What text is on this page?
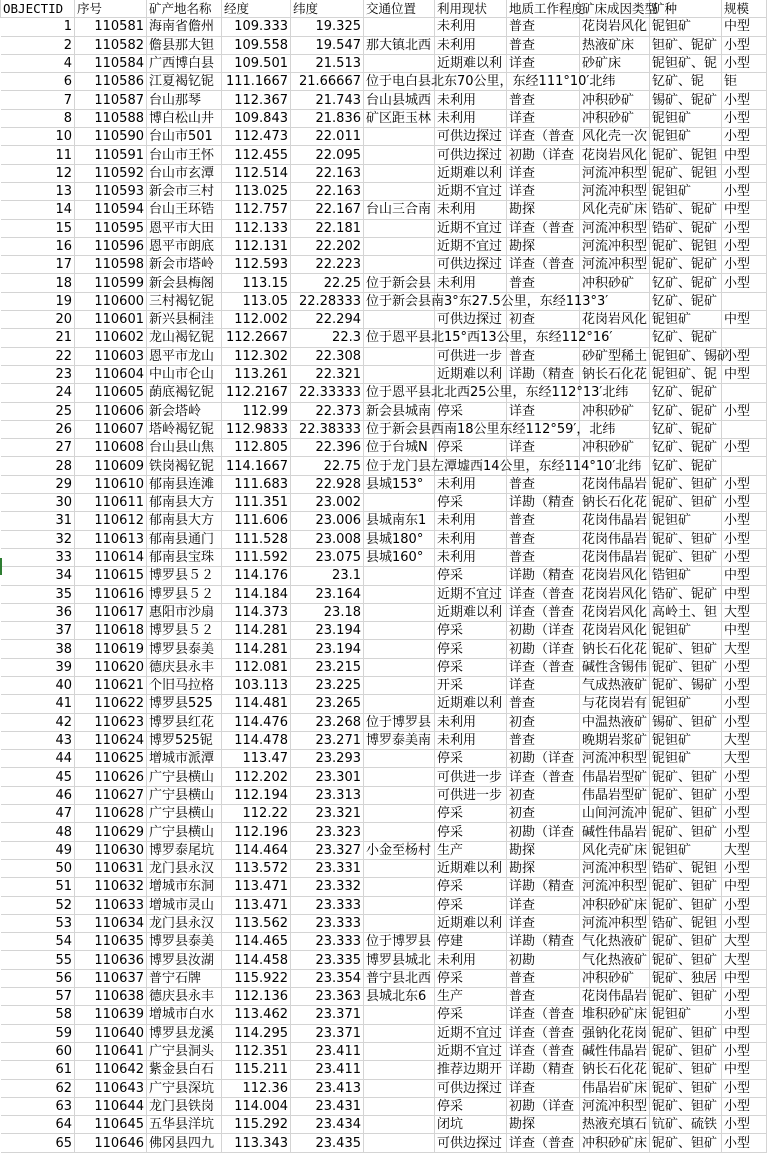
OBJECTID	序号	矿产地名称	经度	纬度	交通位置	利用现状	地质工作程度	矿床成因类型	矿种	规模
1	110581	海南省儋州	109.333	19.325		未利用	普查	花岗岩风化	铌钽矿	中型
2	110582	儋县那大钽	109.558	19.547	那大镇北西	未利用	普查	热液矿床	钽矿、铌矿	小型
4	110584	广西博白县	109.501	21.513		近期难以利	详查	砂矿床	铌钽矿、铌	小型
6	110586	江夏褐钇铌	111.1667	21.66667	位于电白县北东70公里，东经111°10′北纬				钇矿、铌	钜
7	110587	台山那琴	112.367	21.743	台山县城西	未利用	普查	冲积砂矿	锡矿、铌矿	小型
8	110588	博白松山井	109.843	21.836	矿区距玉林	未利用	详查	冲积砂矿	铌钽矿	小型
10	110590	台山市501	112.473	22.011		可供边探过	详查（普查	风化壳一次	铌钽矿	小型
11	110591	台山市王怀	112.455	22.095		可供边探过	初勘（详查	花岗岩风化	铌矿、铌钽	中型
12	110592	台山市玄潭	112.514	22.163		近期难以利	详查	河流冲积型	铌矿、铌钽	小型
13	110593	新会市三村	113.025	22.163		近期不宜过	详查	河流冲积型	铌钽矿	小型
14	110594	台山王环锆	112.757	22.167	台山三合南	未利用	勘探	风化壳矿床	锆矿、铌矿	中型
15	110595	恩平市大田	112.133	22.181		近期不宜过	详查（普查	河流冲积型	锆矿、铌矿	小型
16	110596	恩平市朗底	112.131	22.202		近期不宜过	勘探	河流冲积型	铌矿、铌钽	小型
17	110598	新会市塔岭	112.593	22.223		可供边探过	详查（普查	河流冲积型	铌矿、铌矿	小型
18	110599	新会县梅阁	113.15	22.25	位于新会县	未利用	普查	冲积砂矿	钇矿、铌矿	小型
19	110600	三村褐钇铌	113.05	22.28333	位于新会县南3°东27.5公里，东经113°3′				钇矿、铌矿	
20	110601	新兴县桐洼	112.002	22.294		可供边探过	初查	花岗岩风化	铌钽矿	中型
21	110602	龙山褐钇铌	112.2667	22.3	位于恩平县北15°西13公里，东经112°16′				钇矿、铌矿	
22	110603	恩平市龙山	112.302	22.308		可供进一步	普查	砂矿型稀土	铌钽矿、锡矿	小型
23	110604	中山市仑山	113.261	22.321		近期难以利	详勘（精查	钠长石化花	铌钽矿、铌	中型
24	110605	蓢底褐钇铌	112.2167	22.33333	位于恩平县北北西25公里，东经112°13′北纬				钇矿、铌矿	
25	110606	新会塔岭	112.99	22.373	新会县城南	停采	详查	冲积砂矿	钇矿、铌矿	小型
26	110607	塔岭褐钇铌	112.9833	22.38333	位于新会县西南18公里东经112°59′，北纬				钇矿、铌矿	
27	110608	台山县山焦	112.805	22.396	位于台城N	停采	详查	冲积砂矿	钇矿、铌矿	小型
28	110609	铁岗褐钇铌	114.1667	22.75	位于龙门县左潭墟西14公里，东经114°10′北纬				钇矿、铌矿	
29	110610	郁南县连滩	111.683	22.928	县城153°	未利用	普查	花岗伟晶岩	铌矿、钽矿	小型
30	110611	郁南县大方	111.351	23.002		停采	详勘（精查	钠长石化花	铌矿、钽矿	小型
31	110612	郁南县大方	111.606	23.006	县城南东1	未利用	普查	花岗伟晶岩	铌钽矿	小型
32	110613	郁南县通门	111.528	23.008	县城180°	未利用	普查	花岗伟晶岩	铌矿、钽矿	小型
33	110614	郁南县宝珠	111.592	23.075	县城160°	未利用	普查	花岗伟晶岩	铌矿、钽矿	小型
34	110615	博罗县５２	114.176	23.1		停采	详勘（精查	花岗岩风化	锆钽矿	中型
35	110616	博罗县５２	114.184	23.164		近期不宜过	详查（普查	花岗岩风化	锆矿、铌矿	中型
36	110617	惠阳市沙扇	114.373	23.18		近期难以利	详查（普查	花岗岩风化	高岭土、钽	大型
37	110618	博罗县５２	114.281	23.194		停采	初勘（详查	花岗岩风化	铌钽矿	中型
38	110619	博罗县泰美	114.281	23.194		停采	初勘（详查	钠长石化花	铌矿、钽矿	大型
39	110620	德庆县永丰	112.081	23.215		停采	详查（普查	碱性含锡伟	铌矿、钽矿	小型
40	110621	个旧马拉格	103.113	23.225		开采	详查	气成热液矿	铌矿、锡矿	小型
41	110622	博罗县525	114.481	23.265		近期难以利	普查	与花岗岩有	铌钽矿	小型
42	110623	博罗县红花	114.476	23.268	位于博罗县	未利用	初查	中温热液矿	锡矿、钽矿	小型
43	110624	博罗525铌	114.478	23.271	博罗泰美南	未利用	普查	晚期岩浆矿	铌钽矿	大型
44	110625	增城市派潭	113.47	23.293		停采	初勘（详查	河流冲积型	铌钽矿	大型
45	110626	广宁县横山	112.202	23.301		可供进一步	详查（普查	伟晶岩型矿	铌矿、钽矿	小型
46	110627	广宁县横山	112.194	23.313		可供进一步	初查	伟晶岩型矿	铌矿、钽矿	小型
47	110628	广宁县横山	112.22	23.321		停采	初查	山间河流冲	铌矿、钽矿	小型
48	110629	广宁县横山	112.196	23.323		停采	初勘（详查	碱性伟晶岩	铌矿、钽矿	小型
49	110630	博罗泰尾坑	114.464	23.327	小金至杨村	生产	勘探	风化壳矿床	铌钽矿	大型
50	110631	龙门县永汉	113.572	23.331		近期难以利	勘探	河流冲积型	锆矿、铌钽	小型
51	110632	增城市东洞	113.471	23.332		停采	详勘（精查	河流冲积型	铌矿、钽矿	中型
52	110633	增城市灵山	113.471	23.333		停采	详查	冲积砂矿床	铌矿、钽矿	小型
53	110634	龙门县永汉	113.562	23.333		近期难以利	详查	河流冲积型	锆矿、铌钽	小型
54	110635	博罗县泰美	114.465	23.333	位于博罗县	停建	详勘（精查	气化热液矿	铌矿、钽矿	大型
55	110636	博罗县汝湖	114.458	23.335	博罗县城北	未利用	初勘	气化热液矿	铌矿、钽矿	大型
56	110637	普宁石牌	115.922	23.354	普宁县北西	停采	普查	冲积砂矿	铌矿、独居	中型
57	110638	德庆县永丰	112.136	23.363	县城北东6	生产	普查	花岗伟晶岩	铌矿、钽矿	小型
58	110639	增城市白水	113.462	23.371		停采	详查（普查	堆积砂矿床	铌钽矿	小型
59	110640	博罗县龙溪	114.295	23.371		近期不宜过	详查（普查	强钠化花岗	铌矿、钽矿	中型
60	110641	广宁县洞头	112.351	23.411		近期不宜过	详查（普查	碱性伟晶岩	铌矿、钽矿	小型
61	110642	紫金县白石	115.211	23.411		推荐边期开	详勘（精查	钠长石化花	铌矿、钽矿	中型
62	110643	广宁县深坑	112.36	23.413		可供边探过	详查	伟晶岩矿床	铌矿、钽矿	小型
63	110644	龙门县铁岗	114.004	23.431		停采	初勘（详查	河流冲积型	铌矿、钽矿	小型
64	110645	五华县洋坑	115.292	23.434		闭坑	勘探	热液充填石	钪矿、硫铁	小型
65	110646	佛冈县四九	113.343	23.435		可供边探过	详查（普查	冲积砂矿床	铌矿、钽矿	小型
